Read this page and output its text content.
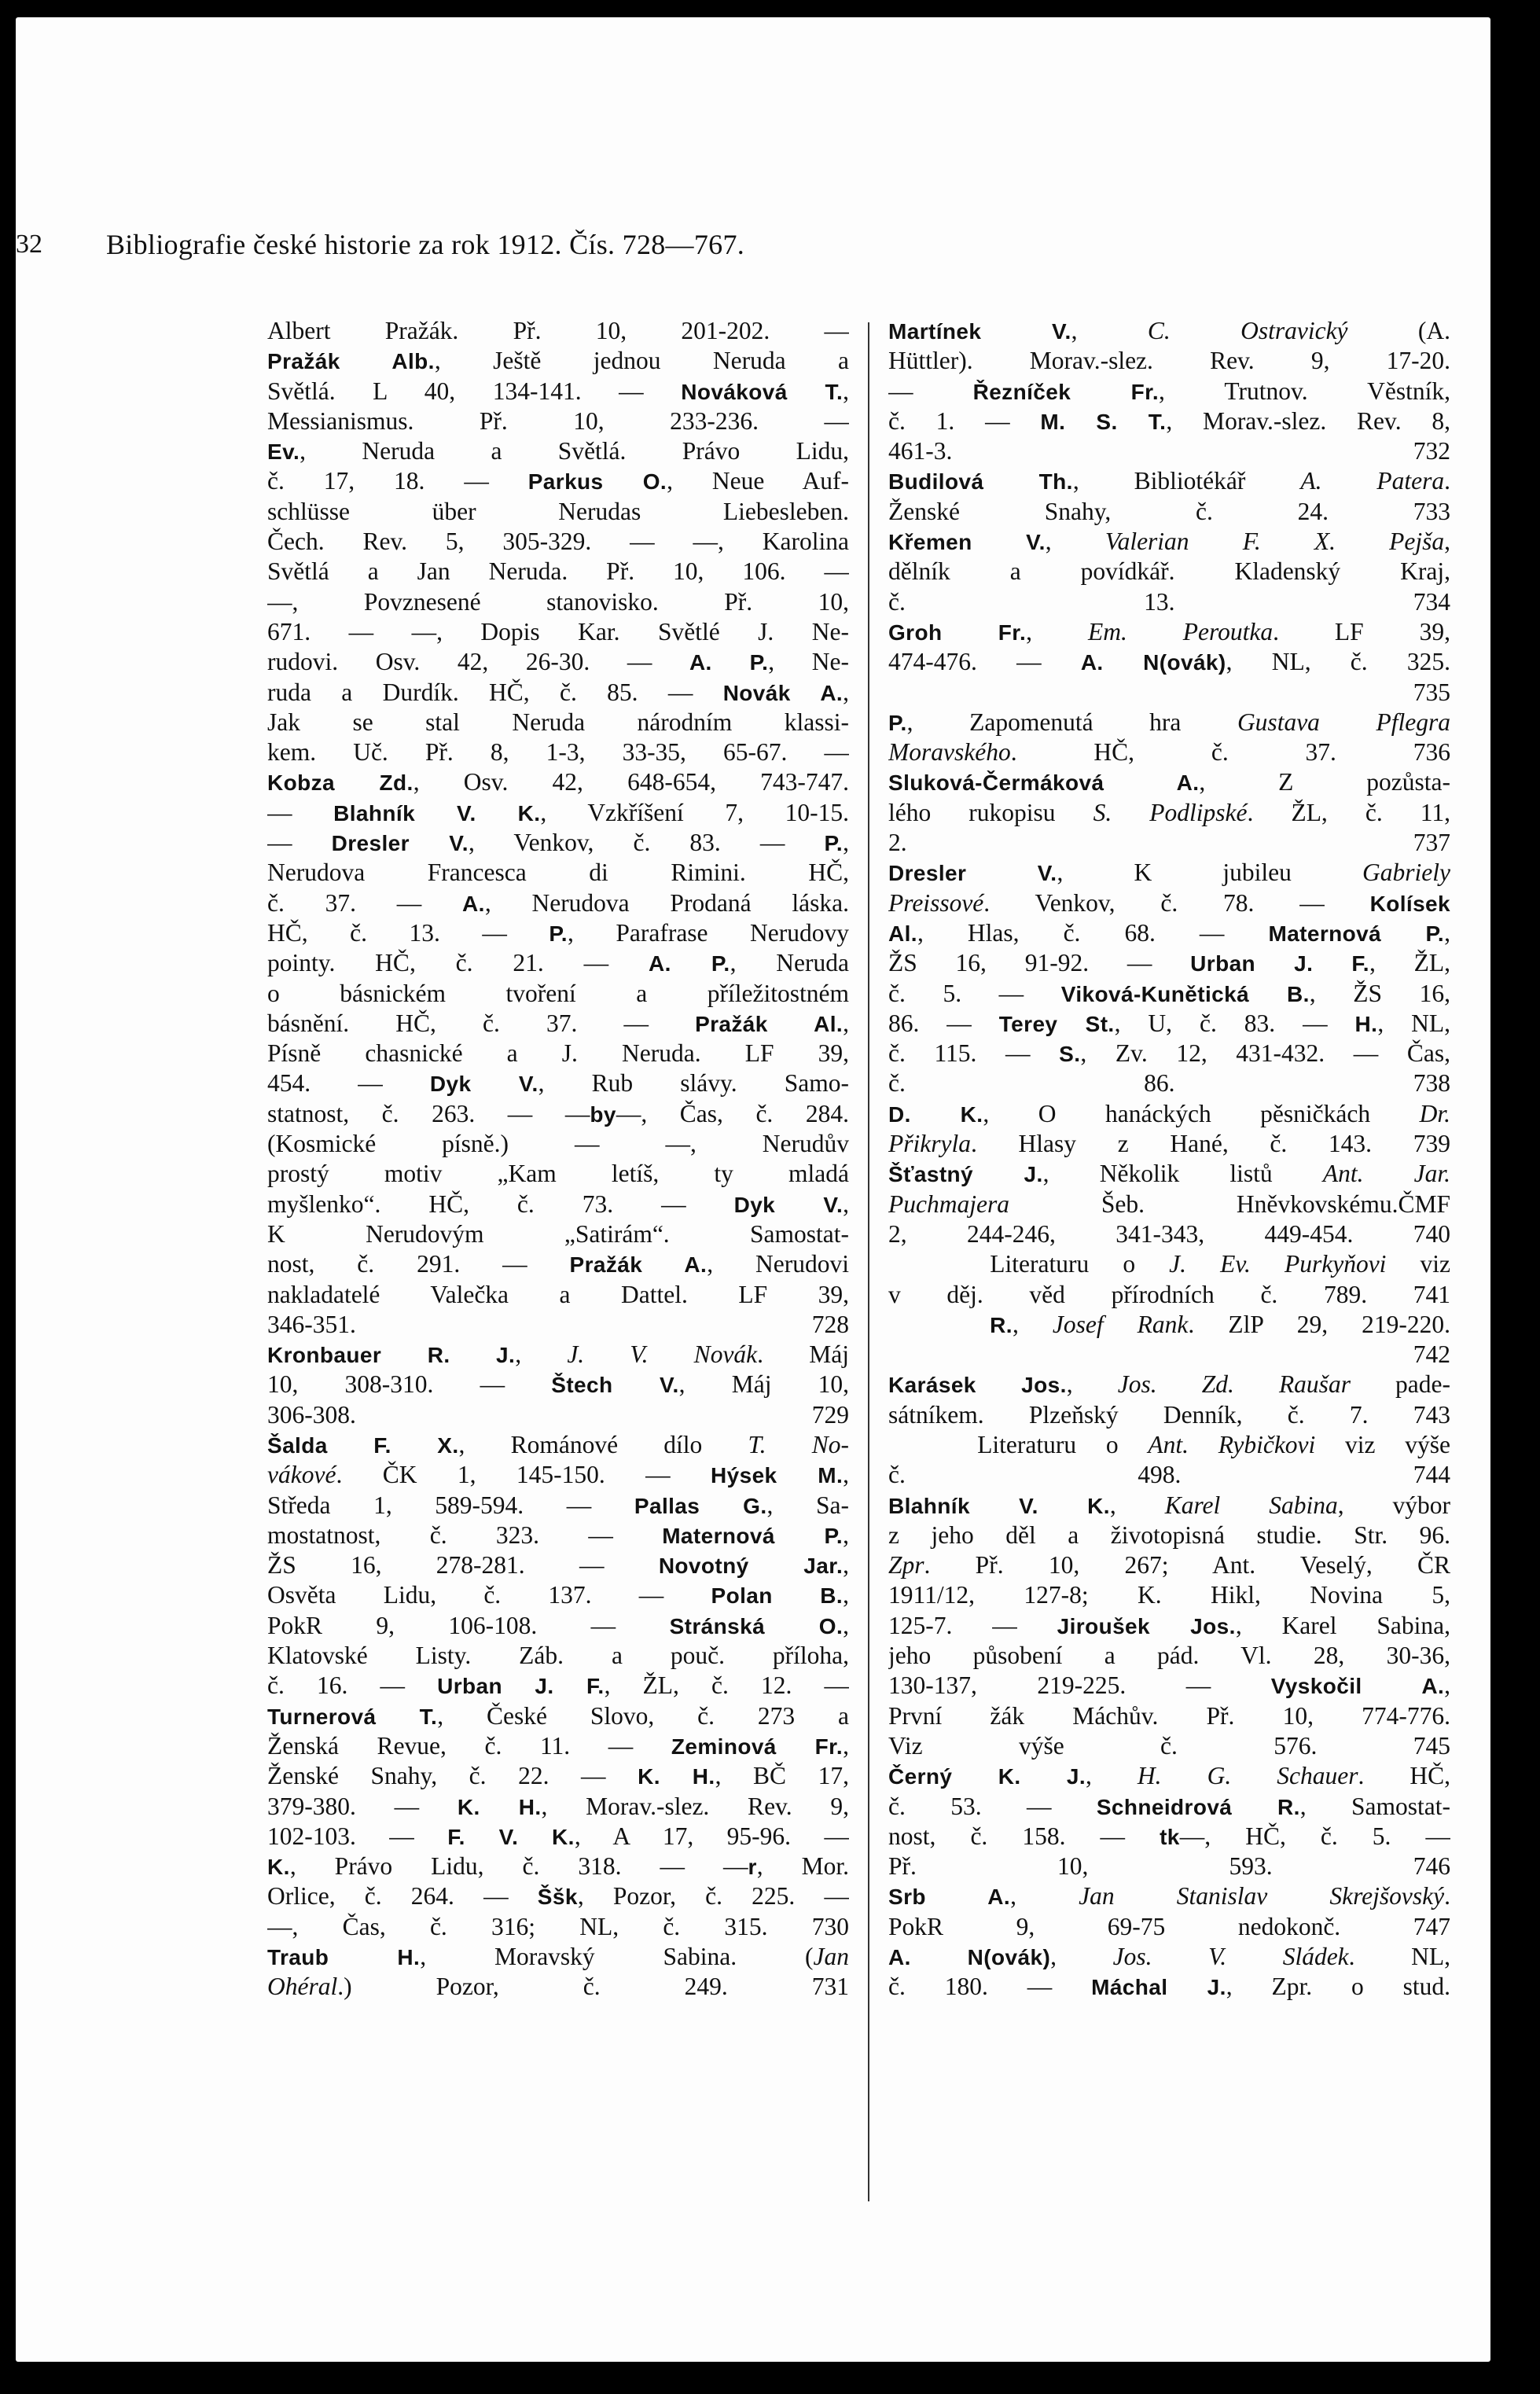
32 Bibliografie české historie za rok 1912. Čís. 728—767.
Albert Pražák. Př. 10, 201-202. —
Pražák Alb., Ještě jednou Neruda a
Světlá. L 40, 134-141. — Nováková T.,
Messianismus. Př. 10, 233-236. —
Ev., Neruda a Světlá. Právo Lidu,
č. 17, 18. — Parkus O., Neue Auf-
schlüsse über Nerudas Liebesleben.
Čech. Rev. 5, 305-329. — —, Karolina
Světlá a Jan Neruda. Př. 10, 106. —
—, Povznesené stanovisko. Př. 10,
671. — —, Dopis Kar. Světlé J. Ne-
rudovi. Osv. 42, 26-30. — A. P., Ne-
ruda a Durdík. HČ, č. 85. — Novák A.,
Jak se stal Neruda národním klassi-
kem. Uč. Př. 8, 1-3, 33-35, 65-67. —
Kobza Zd., Osv. 42, 648-654, 743-747.
— Blahník V. K., Vzkříšení 7, 10-15.
— Dresler V., Venkov, č. 83. — P.,
Nerudova Francesca di Rimini. HČ,
č. 37. — A., Nerudova Prodaná láska.
HČ, č. 13. — P., Parafrase Nerudovy
pointy. HČ, č. 21. — A. P., Neruda
o básnickém tvoření a příležitostném
básnění. HČ, č. 37. — Pražák Al.,
Písně chasnické a J. Neruda. LF 39,
454. — Dyk V., Rub slávy. Samo-
statnost, č. 263. — —by—, Čas, č. 284.
(Kosmické písně.) — —, Nerudův
prostý motiv „Kam letíš, ty mladá
myšlenko“. HČ, č. 73. — Dyk V.,
K Nerudovým „Satirám“. Samostat-
nost, č. 291. — Pražák A., Nerudovi
nakladatelé Valečka a Dattel. LF 39,
346-351. 728
Kronbauer R. J., J. V. Novák. Máj
10, 308-310. — Štech V., Máj 10,
306-308. 729
Šalda F. X., Románové dílo T. No-
vákové. ČK 1, 145-150. — Hýsek M.,
Středa 1, 589-594. — Pallas G., Sa-
mostatnost, č. 323. — Maternová P.,
ŽS 16, 278-281. — Novotný Jar.,
Osvěta Lidu, č. 137. — Polan B.,
PokR 9, 106-108. — Stránská O.,
Klatovské Listy. Záb. a pouč. příloha,
č. 16. — Urban J. F., ŽL, č. 12. —
Turnerová T., České Slovo, č. 273 a
Ženská Revue, č. 11. — Zeminová Fr.,
Ženské Snahy, č. 22. — K. H., BČ 17,
379-380. — K. H., Morav.-slez. Rev. 9,
102-103. — F. V. K., A 17, 95-96. —
K., Právo Lidu, č. 318. — —r, Mor.
Orlice, č. 264. — Ššk, Pozor, č. 225. —
—, Čas, č. 316; NL, č. 315. 730
Traub H., Moravský Sabina. (Jan
Ohéral.) Pozor, č. 249. 731
Martínek V., C. Ostravický (A.
Hüttler). Morav.-slez. Rev. 9, 17-20.
— Řezníček Fr., Trutnov. Věstník,
č. 1. — M. S. T., Morav.-slez. Rev. 8,
461-3. 732
Budilová Th., Bibliotékář A. Patera.
Ženské Snahy, č. 24. 733
Křemen V., Valerian F. X. Pejša,
dělník a povídkář. Kladenský Kraj,
č. 13. 734
Groh Fr., Em. Peroutka. LF 39,
474-476. — A. N(ovák), NL, č. 325.
735
P., Zapomenutá hra Gustava Pflegra
Moravského. HČ, č. 37. 736
Sluková-Čermáková A., Z pozůsta-
lého rukopisu S. Podlipské. ŽL, č. 11,
2. 737
Dresler V., K jubileu Gabriely
Preissové. Venkov, č. 78. — Kolísek
Al., Hlas, č. 68. — Maternová P.,
ŽS 16, 91-92. — Urban J. F., ŽL,
č. 5. — Viková-Kunětická B., ŽS 16,
86. — Terey St., U, č. 83. — H., NL,
č. 115. — S., Zv. 12, 431-432. — Čas,
č. 86. 738
D. K., O hanáckých pěsničkách Dr.
Přikryla. Hlasy z Hané, č. 143. 739
Šťastný J., Několik listů Ant. Jar.
Puchmajera Šeb. Hněvkovskému.ČMF
2, 244-246, 341-343, 449-454. 740
Literaturu o J. Ev. Purkyňovi viz
v děj. věd přírodních č. 789. 741
R., Josef Rank. ZlP 29, 219-220.
742
Karásek Jos., Jos. Zd. Raušar pade-
sátníkem. Plzeňský Denník, č. 7. 743
Literaturu o Ant. Rybičkovi viz výše
č. 498. 744
Blahník V. K., Karel Sabina, výbor
z jeho děl a životopisná studie. Str. 96.
Zpr. Př. 10, 267; Ant. Veselý, ČR
1911/12, 127-8; K. Hikl, Novina 5,
125-7. — Jiroušek Jos., Karel Sabina,
jeho působení a pád. Vl. 28, 30-36,
130-137, 219-225. — Vyskočil A.,
První žák Máchův. Př. 10, 774-776.
Viz výše č. 576. 745
Černý K. J., H. G. Schauer. HČ,
č. 53. — Schneidrová R., Samostat-
nost, č. 158. — tk—, HČ, č. 5. —
Př. 10, 593. 746
Srb A., Jan Stanislav Skrejšovský.
PokR 9, 69-75 nedokonč. 747
A. N(ovák), Jos. V. Sládek. NL,
č. 180. — Máchal J., Zpr. o stud.
